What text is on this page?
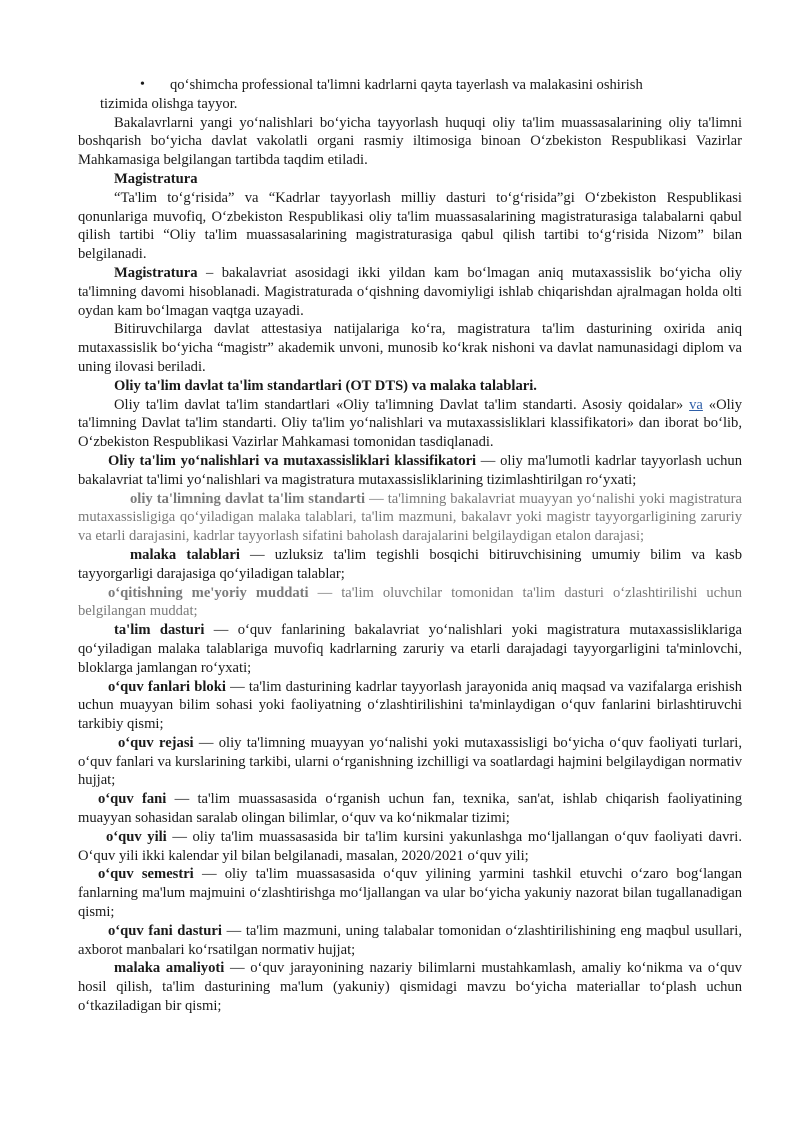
• qo‘shimcha professional ta'limni kadrlarni qayta tayerlash va malakasini oshirish

tizimida olishga tayyor.

Bakalavrlarni yangi yo‘nalishlari bo‘yicha tayyorlash huquqi oliy ta'lim muassasalarining oliy ta'limni boshqarish bo‘yicha davlat vakolatli organi rasmiy iltimosiga binoan O‘zbekiston Respublikasi Vazirlar Mahkamasiga belgilangan tartibda taqdim etiladi.

Magistratura

“Ta'lim to‘g‘risida” va “Kadrlar tayyorlash milliy dasturi to‘g‘risida”gi O‘zbekiston Respublikasi qonunlariga muvofiq, O‘zbekiston Respublikasi oliy ta'lim muassasalarining magistraturasiga talabalarni qabul qilish tartibi “Oliy ta'lim muassasalarining magistraturasiga qabul qilish tartibi to‘g‘risida Nizom” bilan belgilanadi.

Magistratura – bakalavriat asosidagi ikki yildan kam bo‘lmagan aniq mutaxassislik bo‘yicha oliy ta'limning davomi hisoblanadi. Magistraturada o‘qishning davomiyligi ishlab chiqarishdan ajralmagan holda olti oydan kam bo‘lmagan vaqtga uzayadi.

Bitiruvchilarga davlat attestasiya natijalariga ko‘ra, magistratura ta'lim dasturining oxirida aniq mutaxassislik bo‘yicha “magistr” akademik unvoni, munosib ko‘krak nishoni va davlat namunasidagi diplom va uning ilovasi beriladi.

Oliy ta'lim davlat ta'lim standartlari (OT DTS) va malaka talablari.

Oliy ta'lim davlat ta'lim standartlari «Oliy ta'limning Davlat ta'lim standarti. Asosiy qoidalar» va «Oliy ta'limning Davlat ta'lim standarti. Oliy ta'lim yo‘nalishlari va mutaxassisliklari klassifikatori» dan iborat bo‘lib, O‘zbekiston Respublikasi Vazirlar Mahkamasi tomonidan tasdiqlanadi.

Oliy ta'lim yo‘nalishlari va mutaxassisliklari klassifikatori — oliy ma'lumotli kadrlar tayyorlash uchun bakalavriat ta'limi yo‘nalishlari va magistratura mutaxassisliklarining tizimlashtirilgan ro‘yxati;

oliy ta'limning davlat ta'lim standarti — ta'limning bakalavriat muayyan yo‘nalishi yoki magistratura mutaxassisligiga qo‘yiladigan malaka talablari, ta'lim mazmuni, bakalavr yoki magistr tayyorgarligining zaruriy va etarli darajasini, kadrlar tayyorlash sifatini baholash darajalarini belgilaydigan etalon darajasi;

malaka talablari — uzluksiz ta'lim tegishli bosqichi bitiruvchisining umumiy bilim va kasb tayyorgarligi darajasiga qo‘yiladigan talablar;

o‘qitishning me'yoriy muddati — ta'lim oluvchilar tomonidan ta'lim dasturi o‘zlashtirilishi uchun belgilangan muddat;

ta'lim dasturi — o‘quv fanlarining bakalavriat yo‘nalishlari yoki magistratura mutaxassisliklariga qo‘yiladigan malaka talablariga muvofiq kadrlarning zaruriy va etarli darajadagi tayyorgarligini ta'minlovchi, bloklarga jamlangan ro‘yxati;

o‘quv fanlari bloki — ta'lim dasturining kadrlar tayyorlash jarayonida aniq maqsad va vazifalarga erishish uchun muayyan bilim sohasi yoki faoliyatning o‘zlashtirilishini ta'minlaydigan o‘quv fanlarini birlashtiruvchi tarkibiy qismi;

o‘quv rejasi — oliy ta'limning muayyan yo‘nalishi yoki mutaxassisligi bo‘yicha o‘quv faoliyati turlari, o‘quv fanlari va kurslarining tarkibi, ularni o‘rganishning izchilligi va soatlardagi hajmini belgilaydigan normativ hujjat;

o‘quv fani — ta'lim muassasasida o‘rganish uchun fan, texnika, san'at, ishlab chiqarish faoliyatining muayyan sohasidan saralab olingan bilimlar, o‘quv va ko‘nikmalar tizimi;

o‘quv yili — oliy ta'lim muassasasida bir ta'lim kursini yakunlashga mo‘ljallangan o‘quv faoliyati davri. O‘quv yili ikki kalendar yil bilan belgilanadi, masalan, 2020/2021 o‘quv yili;

o‘quv semestri — oliy ta'lim muassasasida o‘quv yilining yarmini tashkil etuvchi o‘zaro bog‘langan fanlarning ma'lum majmuini o‘zlashtirishga mo‘ljallangan va ular bo‘yicha yakuniy nazorat bilan tugallanadigan qismi;

o‘quv fani dasturi — ta'lim mazmuni, uning talabalar tomonidan o‘zlashtirilishining eng maqbul usullari, axborot manbalari ko‘rsatilgan normativ hujjat;

malaka amaliyoti — o‘quv jarayonining nazariy bilimlarni mustahkamlash, amaliy ko‘nikma va o‘quv hosil qilish, ta'lim dasturining ma'lum (yakuniy) qismidagi mavzu bo‘yicha materiallar to‘plash uchun o‘tkaziladigan bir qismi;
